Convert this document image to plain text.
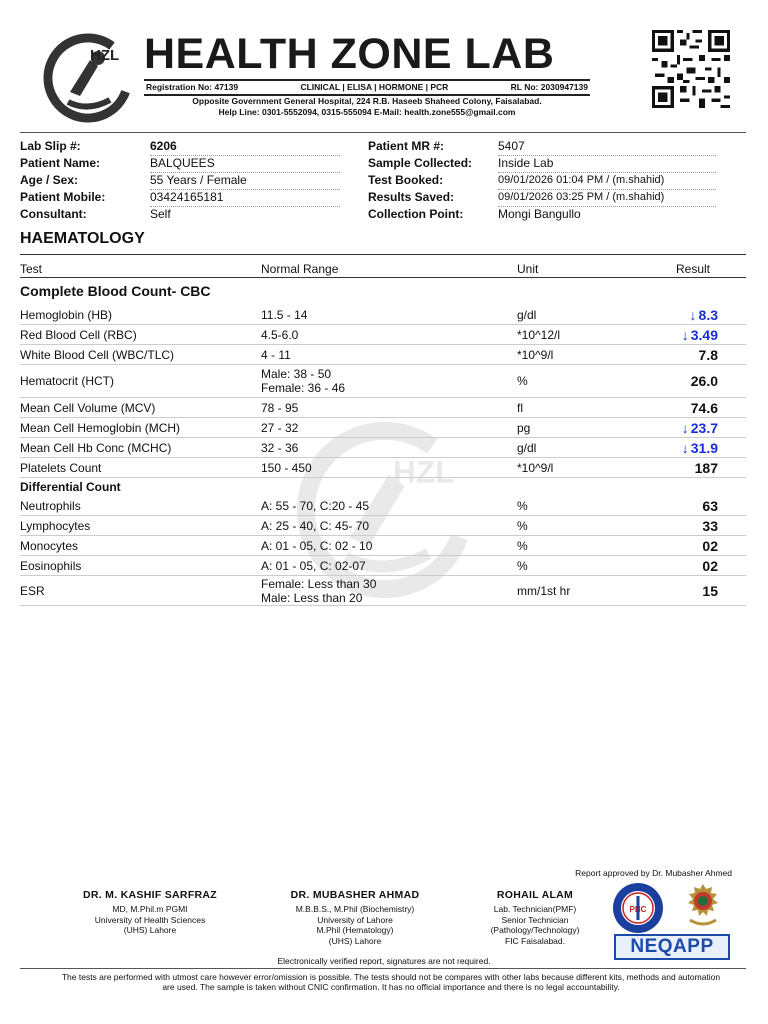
HZL HEALTH ZONE LAB
Registration No: 47139	CLINICAL | ELISA | HORMONE | PCR	RL No: 2030947139
Opposite Government General Hospital, 224 R.B. Haseeb Shaheed Colony, Faisalabad.
Help Line: 0301-5552094, 0315-555094 E-Mail: health.zone555@gmail.com
Lab Slip #:	6206
Patient Name:	BALQUEES
Age / Sex:	55 Years / Female
Patient Mobile:	03424165181
Consultant:	Self
Patient MR #:	5407
Sample Collected: Inside Lab
Test Booked:	09/01/2026 01:04 PM / (m.shahid)
Results Saved:	09/01/2026 03:25 PM / (m.shahid)
Collection Point:	Mongi Bangullo
HAEMATOLOGY
Test	Normal Range	Unit	Result
Complete Blood Count- CBC
HZL
Hemoglobin (HB)	11.5 - 14	g/dl	↓ 8.3
Red Blood Cell (RBC)	4.5-6.0	*10^12/l	↓ 3.49
White Blood Cell (WBC/TLC)	4 - 11	*10^9/l	7.8
Hematocrit (HCT)	Male: 38 - 50
Female: 36 - 46	%	26.0
Mean Cell Volume (MCV)	78 - 95	fl	74.6
Mean Cell Hemoglobin (MCH)	27 - 32	pg	↓ 23.7
Mean Cell Hb Conc (MCHC)	32 - 36	g/dl	↓ 31.9
Platelets Count	150 - 450	*10^9/l	187
Differential Count
Neutrophils	A: 55 - 70, C:20 - 45	%	63
Lymphocytes	A: 25 - 40, C: 45- 70	%	33
Monocytes	A: 01 - 05, C: 02 - 10	%	02
Eosinophils	A: 01 - 05, C: 02-07	%	02
ESR	Female: Less than 30
Male: Less than 20	mm/1st hr	15
Report approved by Dr. Mubasher Ahmed
DR. M. KASHIF SARFRAZ
MD, M.Phil.m PGMI
University of Health Sciences
(UHS) Lahore
DR. MUBASHER AHMAD
M.B.B.S., M.Phil (Biochemistry)
University of Lahore
M.Phil (Hematology)
(UHS) Lahore
ROHAIL ALAM
Lab. Technician(PMF)
Senior Technician
(Pathology/Technology)
FIC Faisalabad.
PHC
NEQAPP
Electronically verified report, signatures are not required.
The tests are performed with utmost care however error/omission is possible. The tests should not be compares with other labs because different kits, methods and automation are used. The sample is taken without CNIC confirmation. It has no official importance and there is no legal accountability.
